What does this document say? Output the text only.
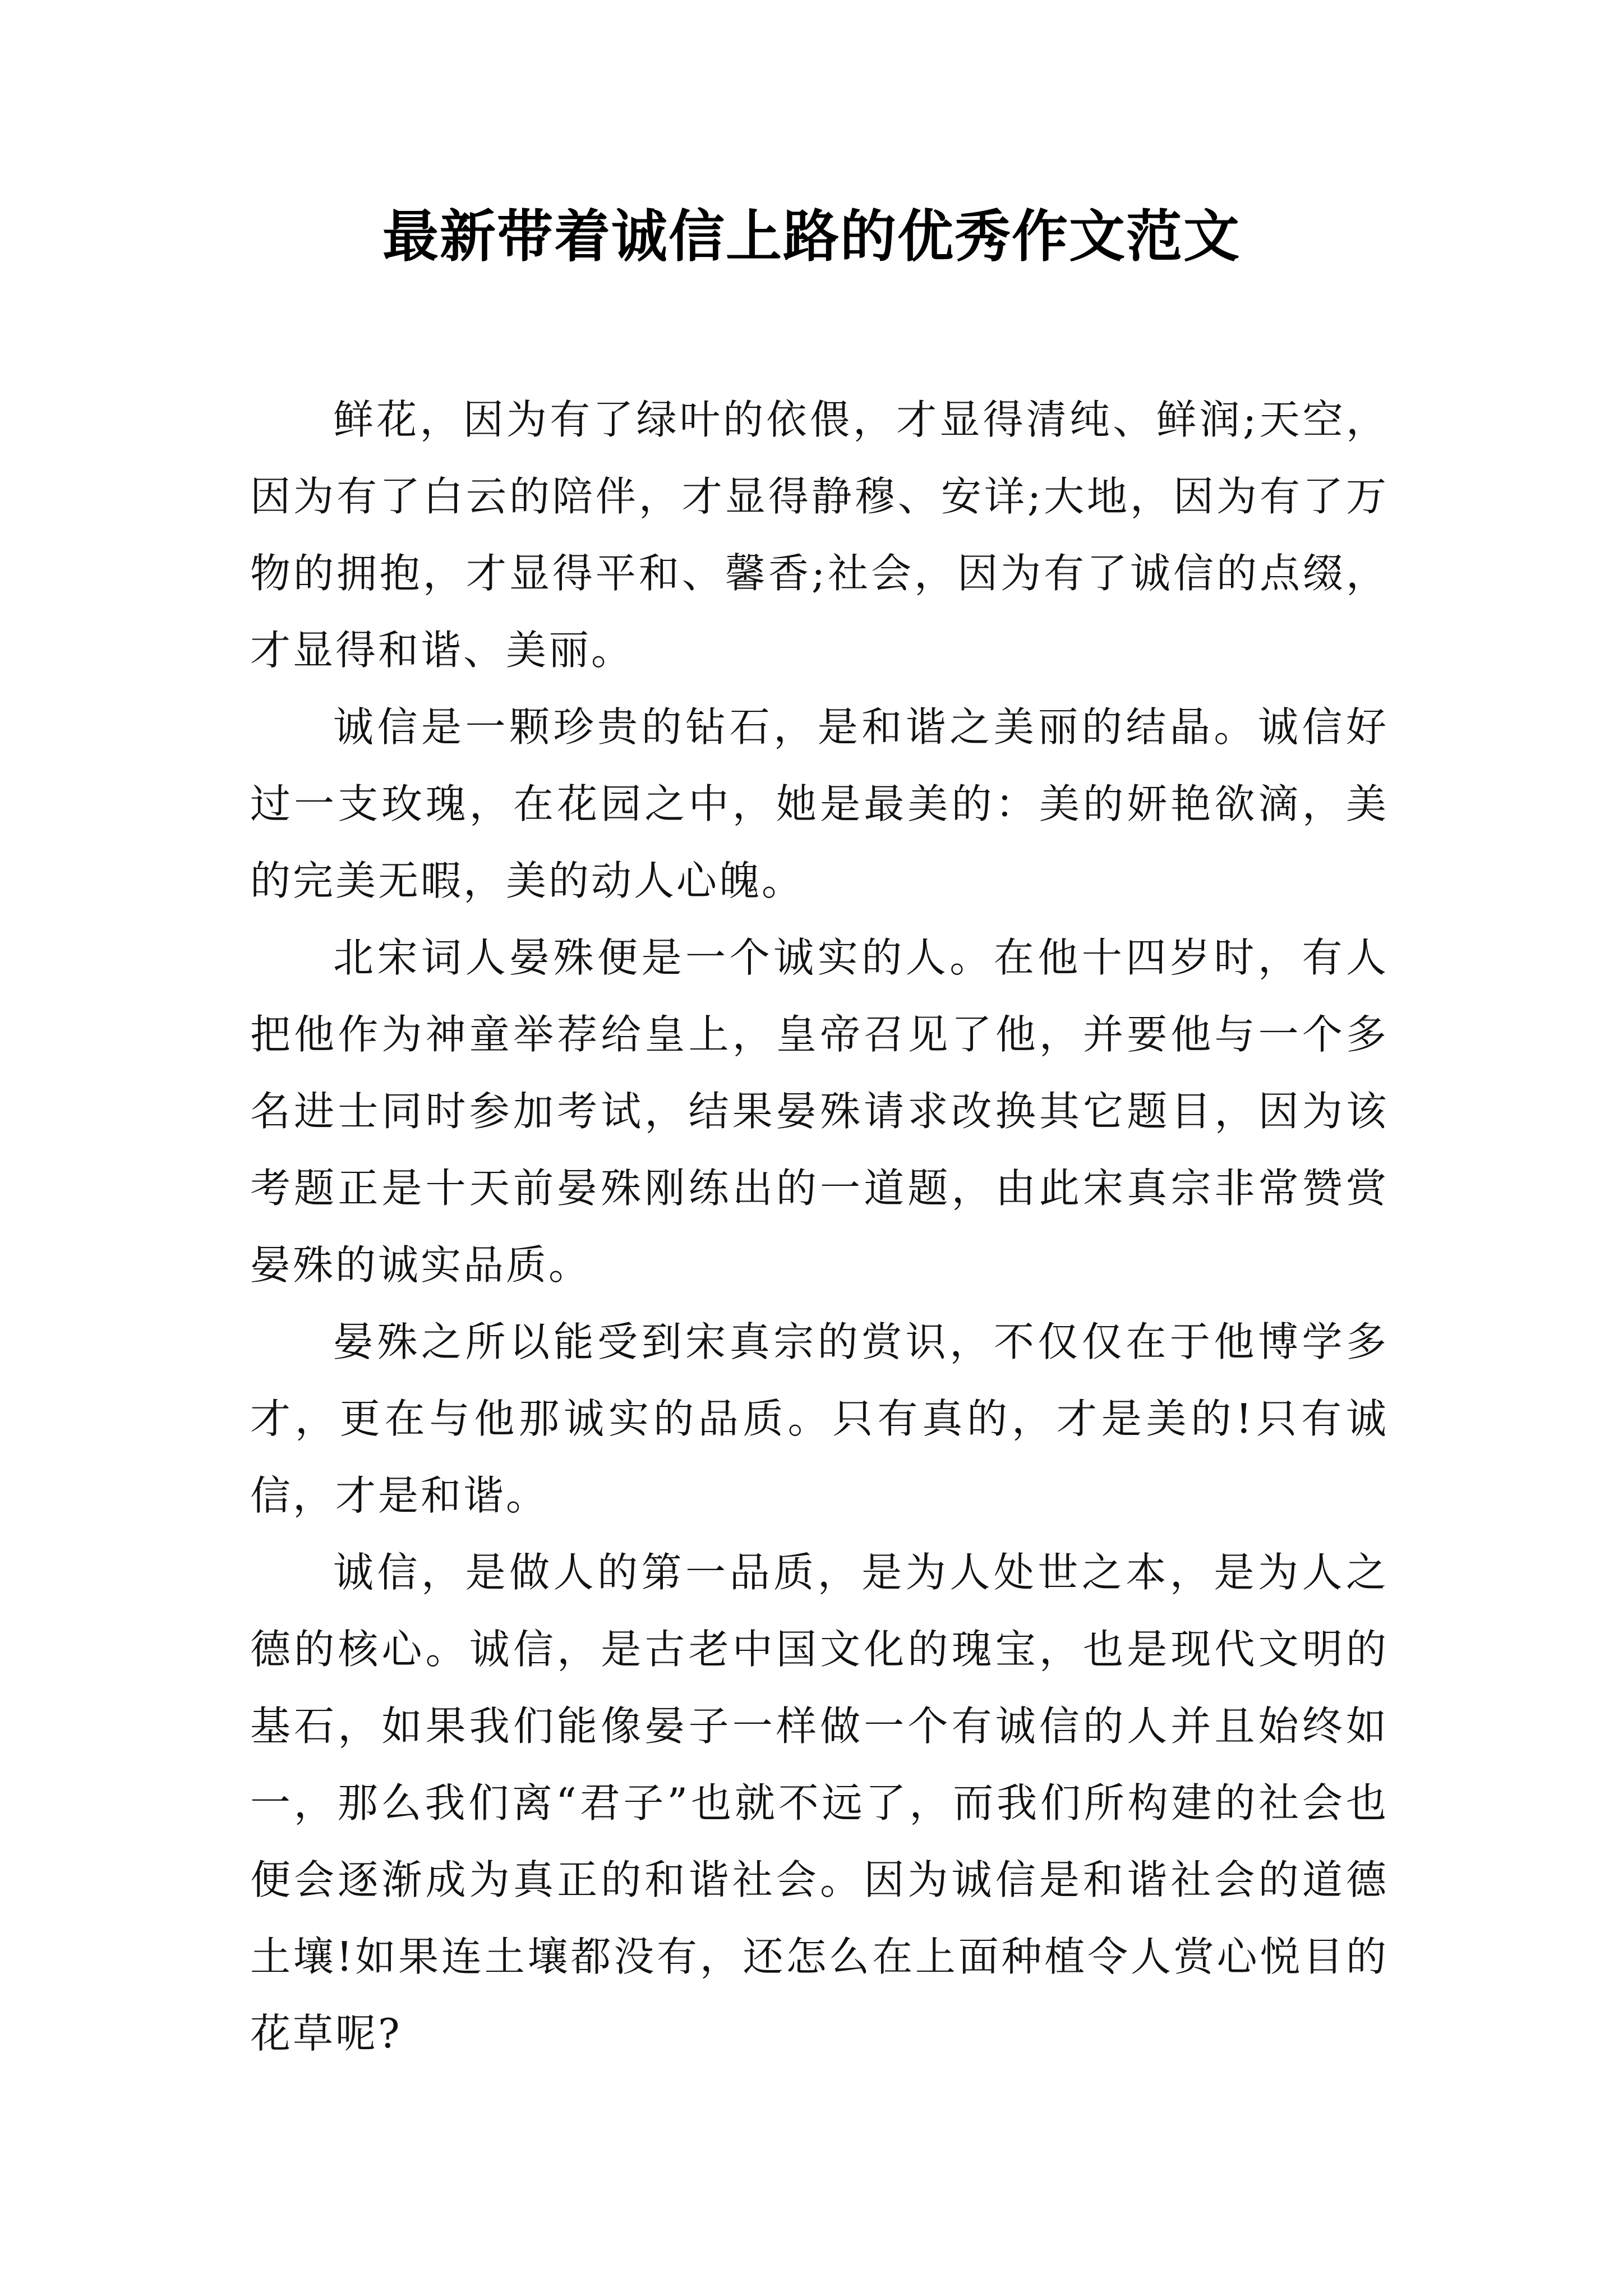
最新带着诚信上路的优秀作文范文

鲜花，因为有了绿叶的依偎，才显得清纯、鲜润;天空，因为有了白云的陪伴，才显得静穆、安详;大地，因为有了万物的拥抱，才显得平和、馨香;社会，因为有了诚信的点缀，才显得和谐、美丽。

诚信是一颗珍贵的钻石，是和谐之美丽的结晶。诚信好过一支玫瑰，在花园之中，她是最美的：美的妍艳欲滴，美的完美无暇，美的动人心魄。

北宋词人晏殊便是一个诚实的人。在他十四岁时，有人把他作为神童举荐给皇上，皇帝召见了他，并要他与一个多名进士同时参加考试，结果晏殊请求改换其它题目，因为该考题正是十天前晏殊刚练出的一道题，由此宋真宗非常赞赏晏殊的诚实品质。

晏殊之所以能受到宋真宗的赏识，不仅仅在于他博学多才，更在与他那诚实的品质。只有真的，才是美的!只有诚信，才是和谐。

诚信，是做人的第一品质，是为人处世之本，是为人之德的核心。诚信，是古老中国文化的瑰宝，也是现代文明的基石，如果我们能像晏子一样做一个有诚信的人并且始终如一，那么我们离“君子”也就不远了，而我们所构建的社会也便会逐渐成为真正的和谐社会。因为诚信是和谐社会的道德土壤!如果连土壤都没有，还怎么在上面种植令人赏心悦目的花草呢?
